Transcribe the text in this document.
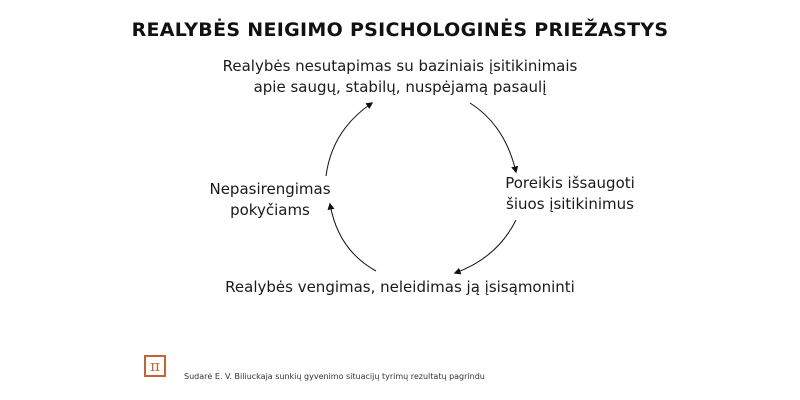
REALYBĖS NEIGIMO PSICHOLOGINĖS PRIEŽASTYS
Realybės nesutapimas su baziniais įsitikinimais
apie saugų, stabilų, nuspėjamą pasaulį
Poreikis išsaugoti
šiuos įsitikinimus
Realybės vengimas, neleidimas ją įsisąmoninti
Nepasirengimas
pokyčiams
π
Sudarė E. V. Biliuckaja sunkių gyvenimo situacijų tyrimų rezultatų pagrindu
